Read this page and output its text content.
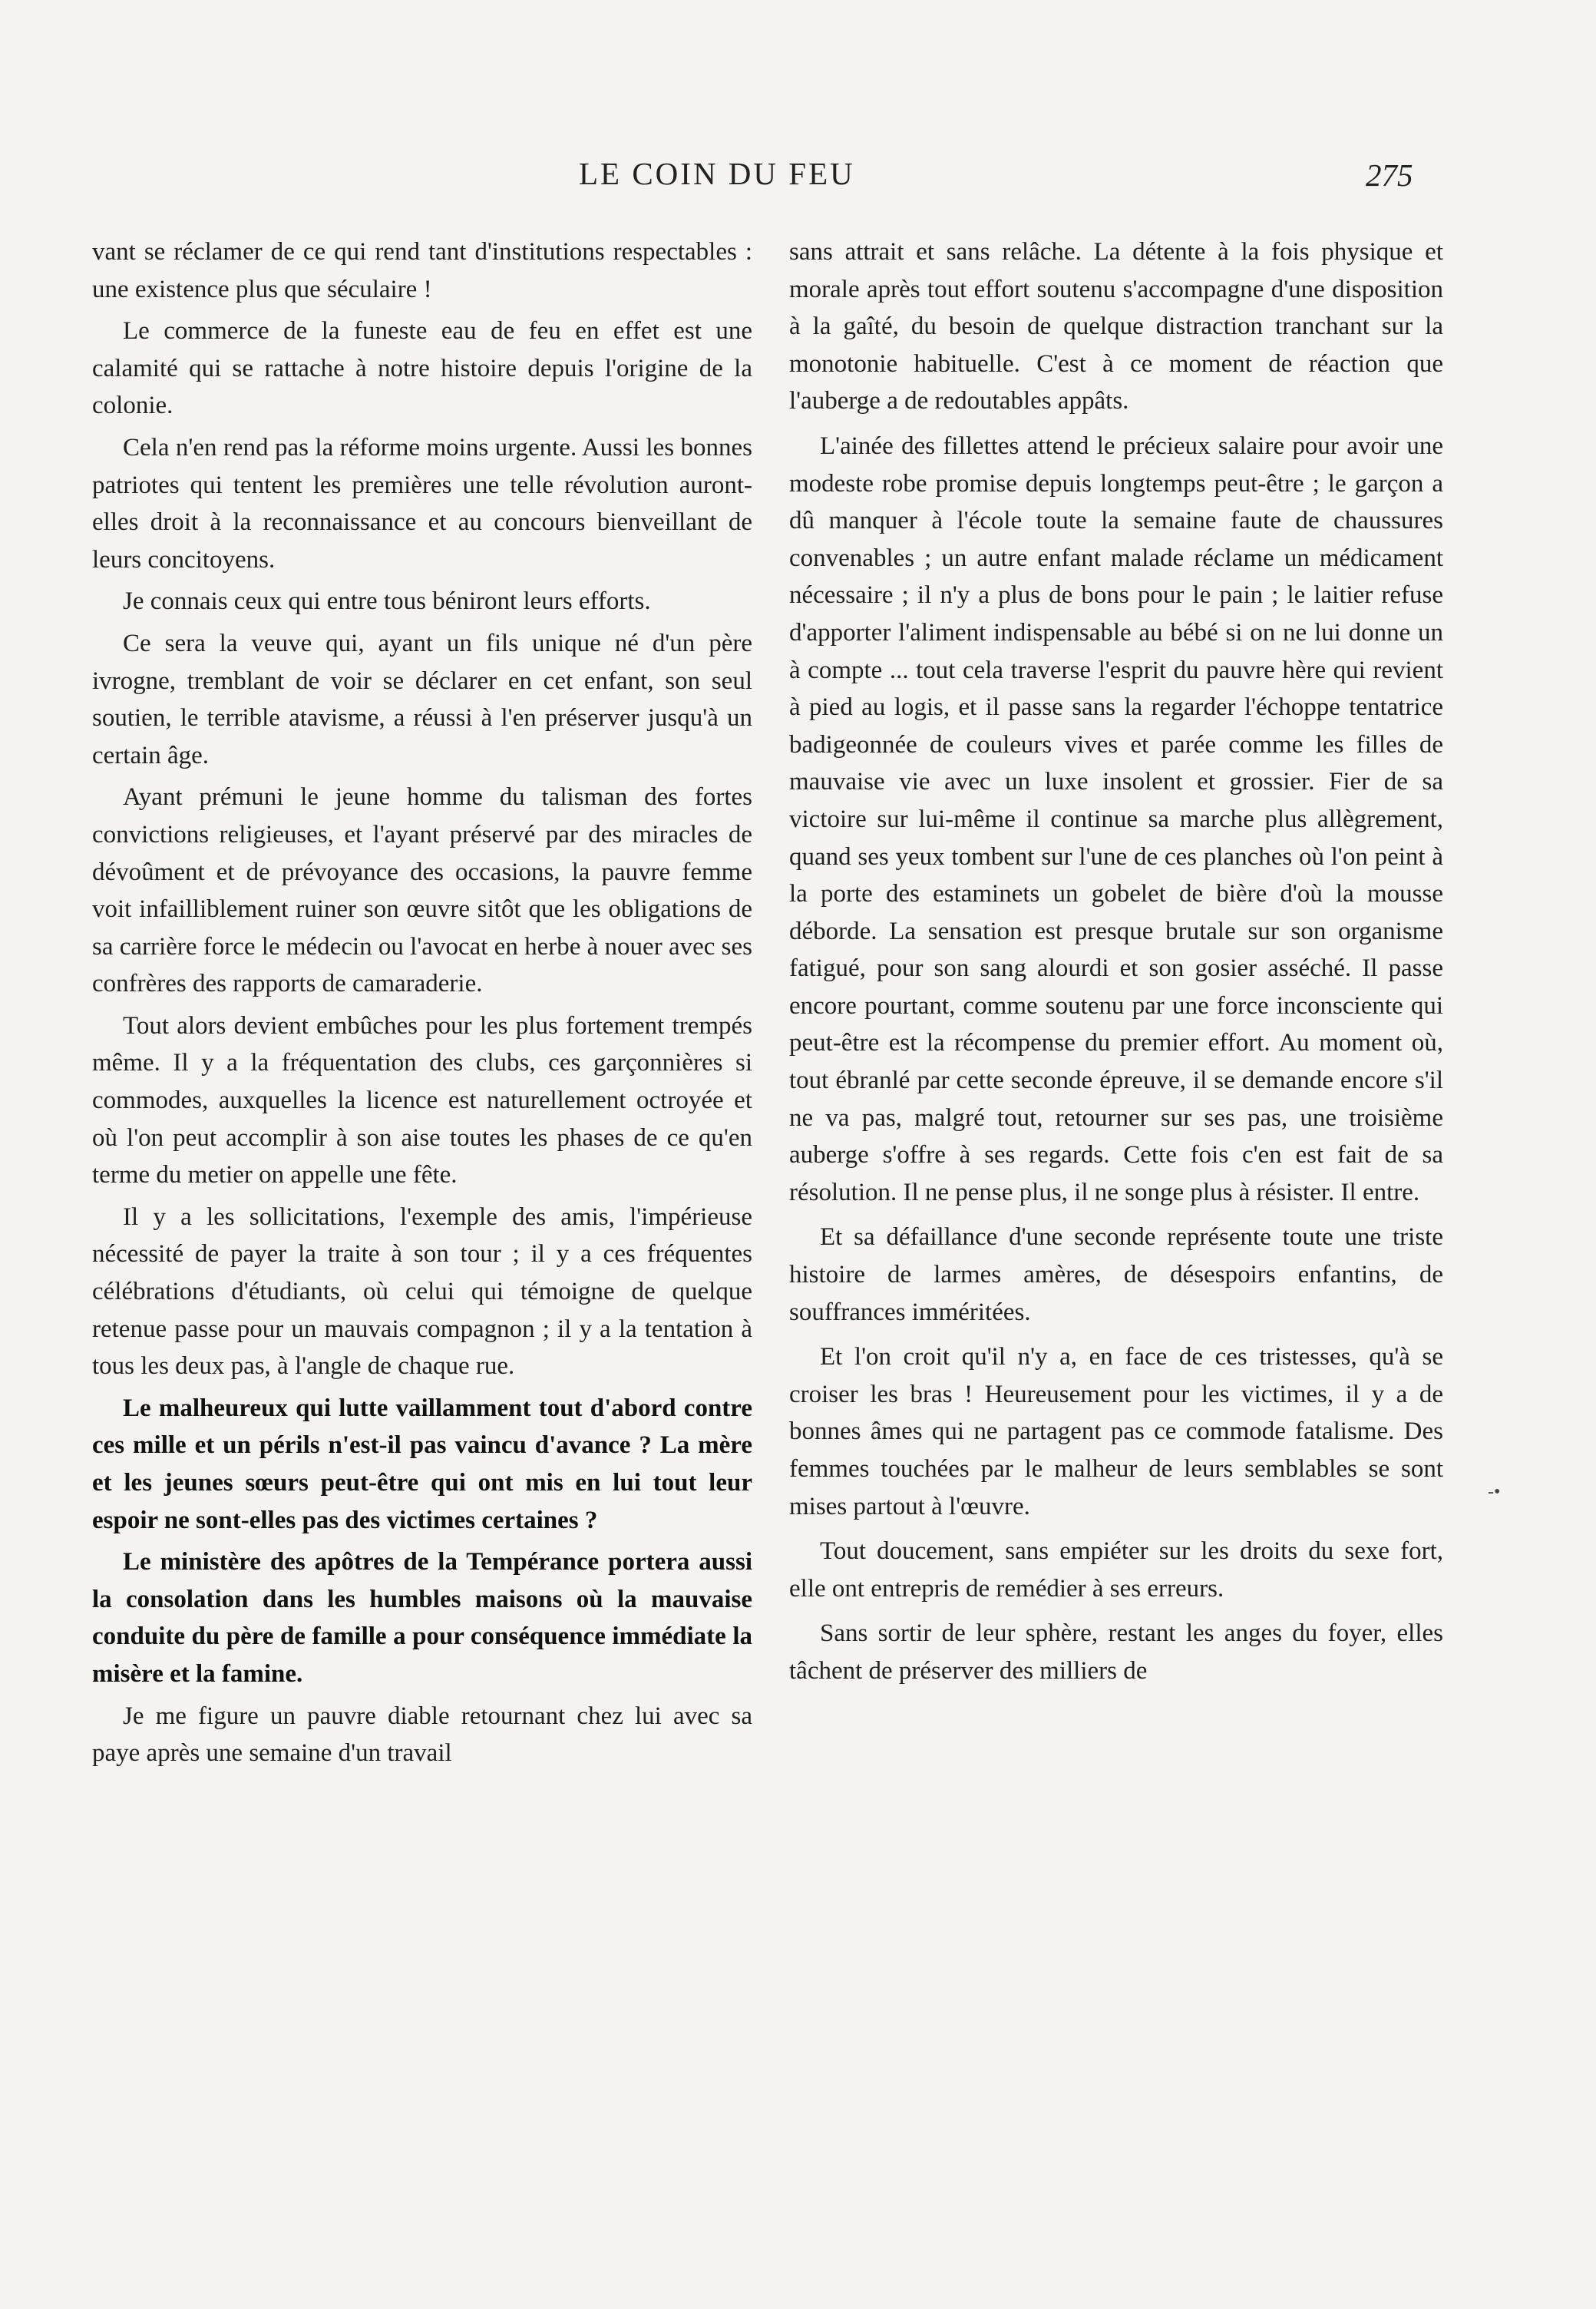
LE COIN DU FEU	275

vant se réclamer de ce qui rend tant d'institutions respectables : une existence plus que séculaire !

Le commerce de la funeste eau de feu en effet est une calamité qui se rattache à notre histoire depuis l'origine de la colonie.

Cela n'en rend pas la réforme moins urgente. Aussi les bonnes patriotes qui tentent les premières une telle révolution auront-elles droit à la reconnaissance et au concours bienveillant de leurs concitoyens.

Je connais ceux qui entre tous béniront leurs efforts.

Ce sera la veuve qui, ayant un fils unique né d'un père ivrogne, tremblant de voir se déclarer en cet enfant, son seul soutien, le terrible atavisme, a réussi à l'en préserver jusqu'à un certain âge.

Ayant prémuni le jeune homme du talisman des fortes convictions religieuses, et l'ayant préservé par des miracles de dévoûment et de prévoyance des occasions, la pauvre femme voit infailliblement ruiner son œuvre sitôt que les obligations de sa carrière force le médecin ou l'avocat en herbe à nouer avec ses confrères des rapports de camaraderie.

Tout alors devient embûches pour les plus fortement trempés même. Il y a la fréquentation des clubs, ces garçonnières si commodes, auxquelles la licence est naturellement octroyée et où l'on peut accomplir à son aise toutes les phases de ce qu'en terme du metier on appelle une fête.

Il y a les sollicitations, l'exemple des amis, l'impérieuse nécessité de payer la traite à son tour ; il y a ces fréquentes célébrations d'étudiants, où celui qui témoigne de quelque retenue passe pour un mauvais compagnon ; il y a la tentation à tous les deux pas, à l'angle de chaque rue.

Le malheureux qui lutte vaillamment tout d'abord contre ces mille et un périls n'est-il pas vaincu d'avance ? La mère et les jeunes sœurs peut-être qui ont mis en lui tout leur espoir ne sont-elles pas des victimes certaines ?

Le ministère des apôtres de la Tempérance portera aussi la consolation dans les humbles maisons où la mauvaise conduite du père de famille a pour conséquence immédiate la misère et la famine.

Je me figure un pauvre diable retournant chez lui avec sa paye après une semaine d'un travail

sans attrait et sans relâche. La détente à la fois physique et morale après tout effort soutenu s'accompagne d'une disposition à la gaîté, du besoin de quelque distraction tranchant sur la monotonie habituelle. C'est à ce moment de réaction que l'auberge a de redoutables appâts.

L'ainée des fillettes attend le précieux salaire pour avoir une modeste robe promise depuis longtemps peut-être ; le garçon a dû manquer à l'école toute la semaine faute de chaussures convenables ; un autre enfant malade réclame un médicament nécessaire ; il n'y a plus de bons pour le pain ; le laitier refuse d'apporter l'aliment indispensable au bébé si on ne lui donne un à compte ... tout cela traverse l'esprit du pauvre hère qui revient à pied au logis, et il passe sans la regarder l'échoppe tentatrice badigeonnée de couleurs vives et parée comme les filles de mauvaise vie avec un luxe insolent et grossier. Fier de sa victoire sur lui-même il continue sa marche plus allègrement, quand ses yeux tombent sur l'une de ces planches où l'on peint à la porte des estaminets un gobelet de bière d'où la mousse déborde. La sensation est presque brutale sur son organisme fatigué, pour son sang alourdi et son gosier asséché. Il passe encore pourtant, comme soutenu par une force inconsciente qui peut-être est la récompense du premier effort. Au moment où, tout ébranlé par cette seconde épreuve, il se demande encore s'il ne va pas, malgré tout, retourner sur ses pas, une troisième auberge s'offre à ses regards. Cette fois c'en est fait de sa résolution. Il ne pense plus, il ne songe plus à résister. Il entre.

Et sa défaillance d'une seconde représente toute une triste histoire de larmes amères, de désespoirs enfantins, de souffrances imméritées.

Et l'on croit qu'il n'y a, en face de ces tristesses, qu'à se croiser les bras ! Heureusement pour les victimes, il y a de bonnes âmes qui ne partagent pas ce commode fatalisme. Des femmes touchées par le malheur de leurs semblables se sont mises partout à l'œuvre.

Tout doucement, sans empiéter sur les droits du sexe fort, elle ont entrepris de remédier à ses erreurs.

Sans sortir de leur sphère, restant les anges du foyer, elles tâchent de préserver des milliers de

-•
